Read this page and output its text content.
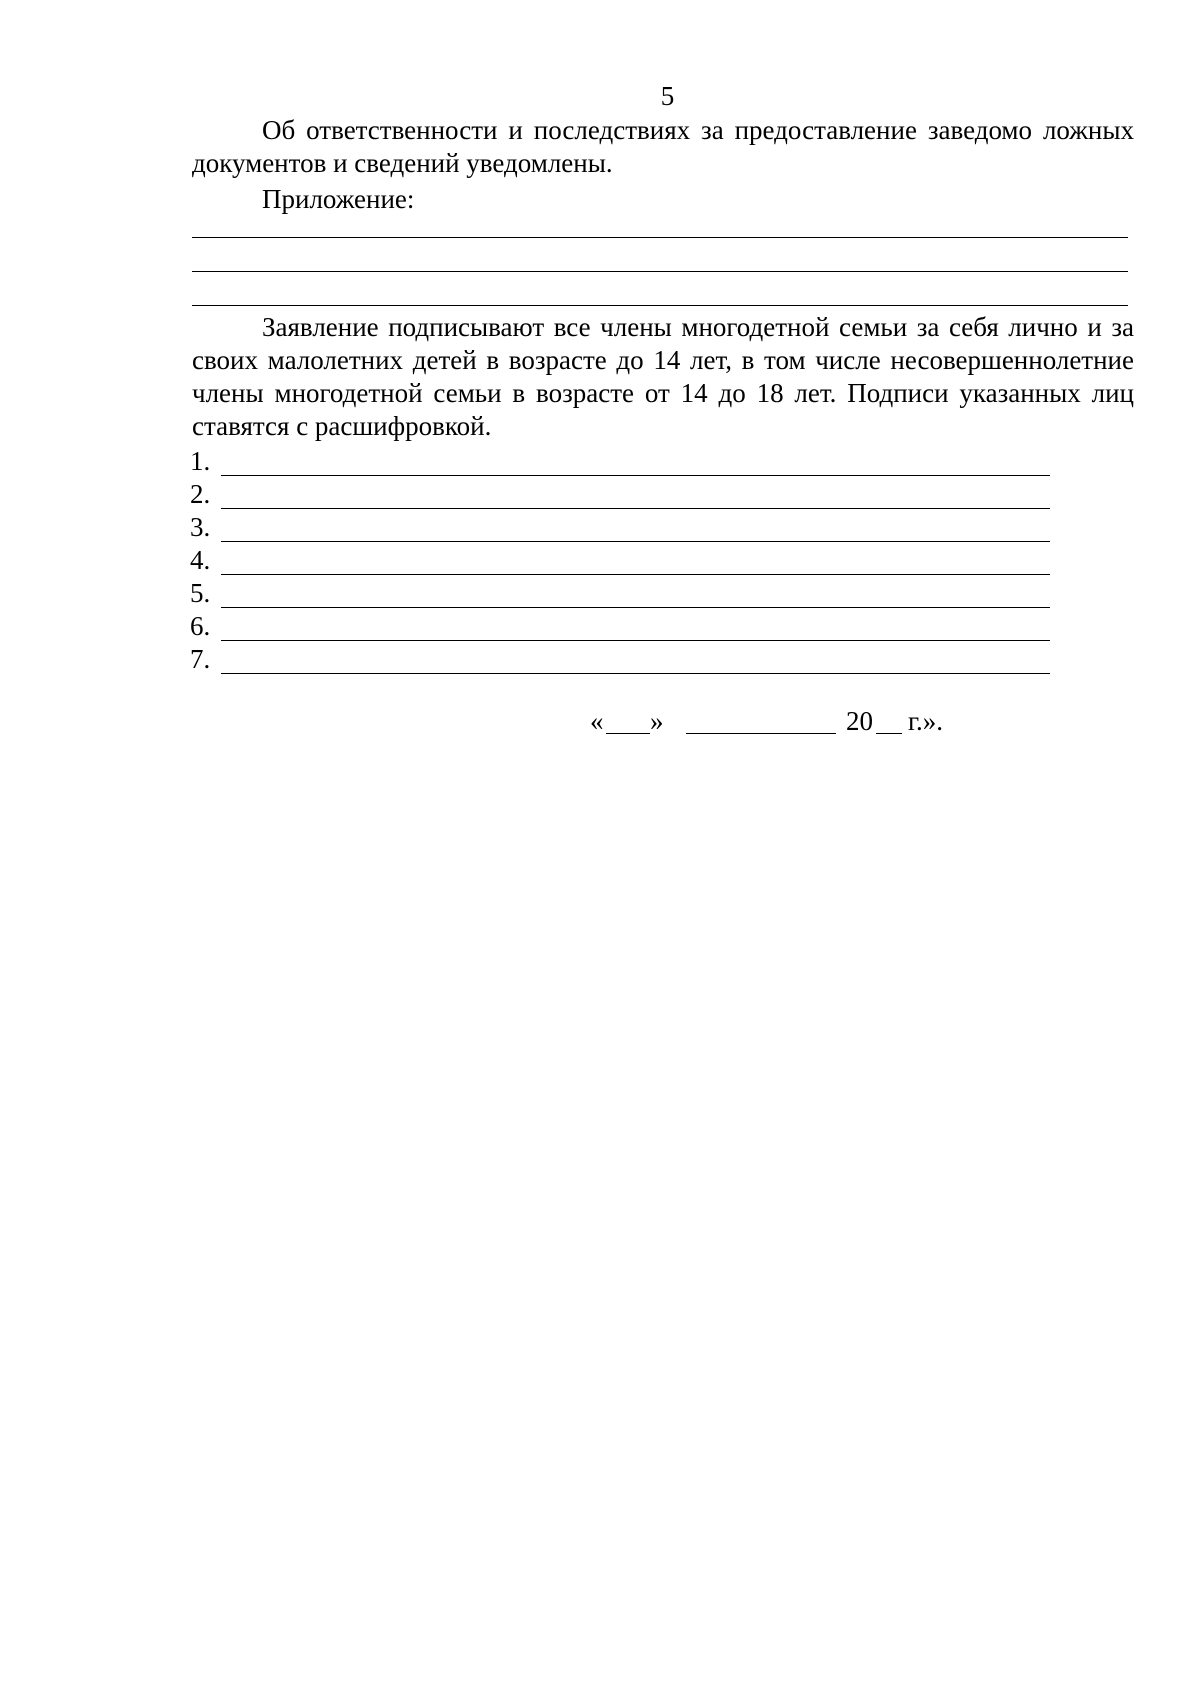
5
Об ответственности и последствиях за предоставление заведомо ложных документов и сведений уведомлены.
Приложение:
Заявление подписывают все члены многодетной семьи за себя лично и за своих малолетних детей в возрасте до 14 лет, в том числе несовершеннолетние члены многодетной семьи в возрасте от 14 до 18 лет. Подписи указанных лиц ставятся с расшифровкой.
1.
2.
3.
4.
5.
6.
7.
« »	20 г.».
